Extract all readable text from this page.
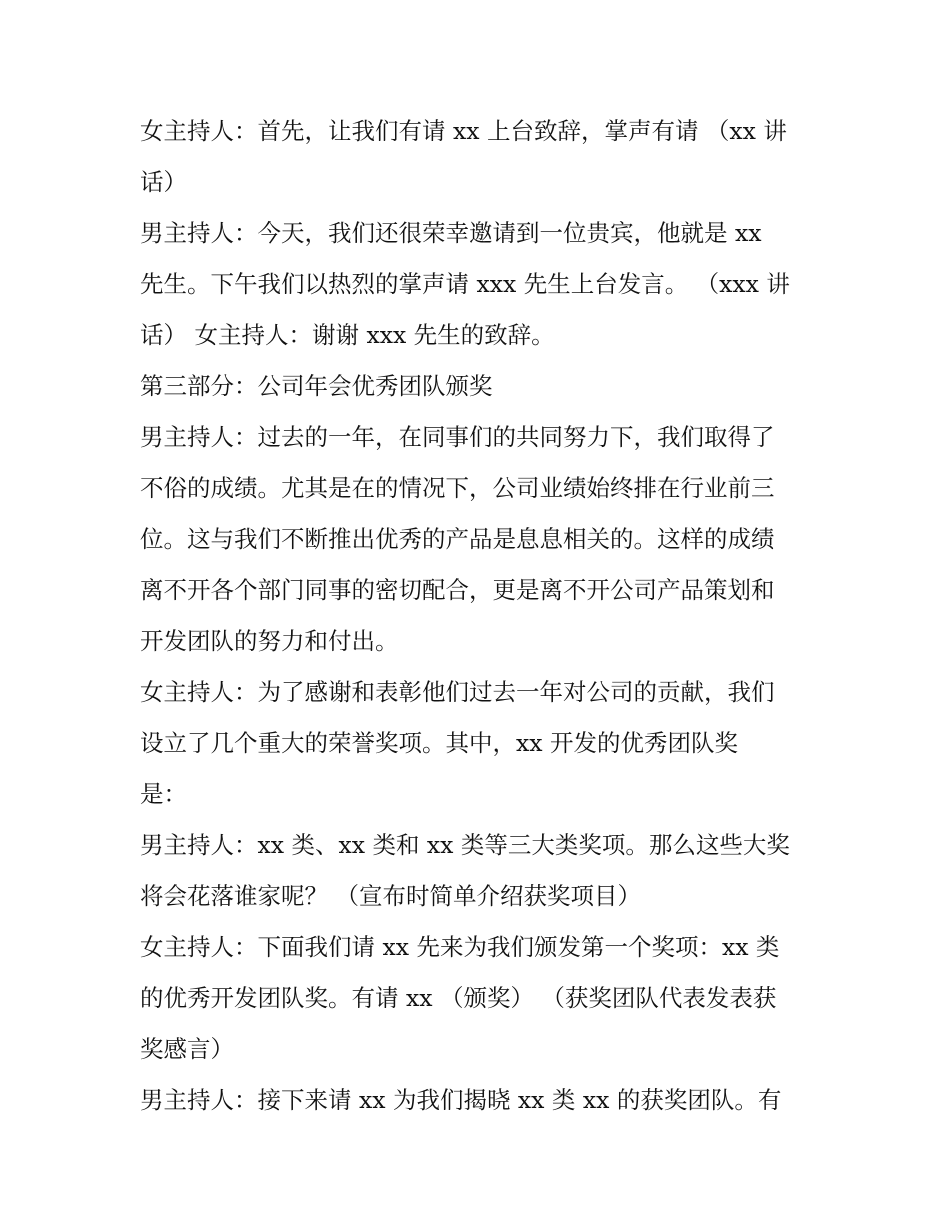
女主持人：首先，让我们有请 xx 上台致辞，掌声有请 （xx 讲
话）
男主持人：今天，我们还很荣幸邀请到一位贵宾，他就是 xx
先生。下午我们以热烈的掌声请 xxx 先生上台发言。 （xxx 讲
话） 女主持人：谢谢 xxx 先生的致辞。
第三部分：公司年会优秀团队颁奖
男主持人：过去的一年，在同事们的共同努力下，我们取得了
不俗的成绩。尤其是在的情况下，公司业绩始终排在行业前三
位。这与我们不断推出优秀的产品是息息相关的。这样的成绩
离不开各个部门同事的密切配合，更是离不开公司产品策划和
开发团队的努力和付出。
女主持人：为了感谢和表彰他们过去一年对公司的贡献，我们
设立了几个重大的荣誉奖项。其中，xx 开发的优秀团队奖
是：
男主持人：xx 类、xx 类和 xx 类等三大类奖项。那么这些大奖
将会花落谁家呢？ （宣布时简单介绍获奖项目）
女主持人：下面我们请 xx 先来为我们颁发第一个奖项：xx 类
的优秀开发团队奖。有请 xx （颁奖） （获奖团队代表发表获
奖感言）
男主持人：接下来请 xx 为我们揭晓 xx 类 xx 的获奖团队。有
